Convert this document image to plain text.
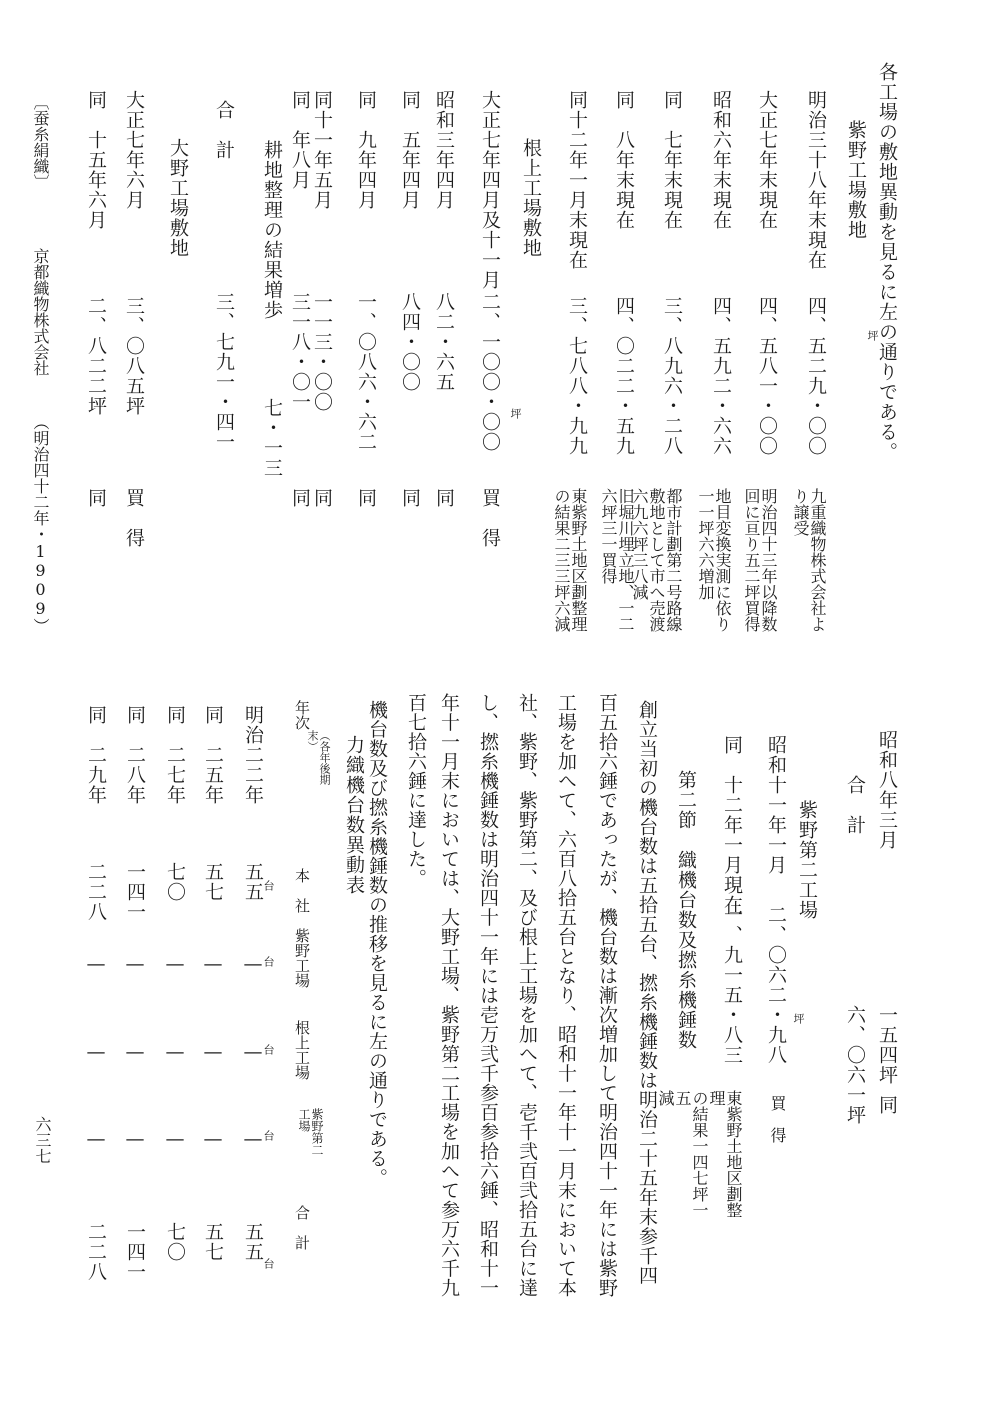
各工場の敷地異動を見るに左の通りである。
紫野工場敷地
坪
明治三十八年末現在
四、五二九・〇〇
九重織物株式会社よ
り譲受
大正七年末現在
四、五八一・〇〇
明治四十三年以降数
回に亘り五二坪買得
昭和六年末現在
四、五九二・六六
地目変換実測に依り
一一坪六六増加
同　七年末現在
三、八九六・二八
都市計劃第二号路線
敷地として市へ売渡
六九六坪三八減
同　八年末現在
四、〇二二・五九
旧堀川埋立地、一二
六坪三一買得
同十二年一月末現在
三、七八八・九九
東紫野土地区劃整理
の結果二三三坪六減
根上工場敷地
坪
大正七年四月及十一月
二、一〇〇・〇〇
買　得
昭和三年四月
八二・六五
同
同　五年四月
八四・〇〇
同
同　九年四月
一、〇八六・六二
同
同十一年五月
一一三・〇〇
同
同　年八月
三一八・〇一
同
耕地整理の結果増歩
七・一三
合　計
三、七九一・四一
大野工場敷地
大正七年六月
三、〇八五坪
買　得
同　十五年六月
二、八二二坪
同
昭和八年三月
一五四坪
同
合　計
六、〇六一坪
紫野第二工場
坪
昭和十一年一月
二、〇六二・九八
買　得
同　十二年一月現在
一、九一五・八三
東紫野土地区劃整理
の結果一四七坪一五
減
第二節　織機台数及撚糸機錘数
創立当初の機台数は五拾五台、撚糸機錘数は明治二十五年末参千四
百五拾六錘であったが、機台数は漸次増加して明治四十一年には紫野
工場を加へて、六百八拾五台となり、昭和十一年十一月末において本
社、紫野、紫野第二、及び根上工場を加へて、壱千弐百弐拾五台に達
し、撚糸機錘数は明治四十一年には壱万弐千参百参拾六錘、昭和十一
年十一月末においては、大野工場、紫野第二工場を加へて参万六千九
百七拾六錘に達した。
機台数及び撚糸機錘数の推移を見るに左の通りである。
力織機台数異動表
年次
（各年後期末）
本　社
紫野工場
根上工場
紫野第二工場
合　計
明治二二年
五五
—
—
—
五五
同　二五年
五七
—
—
—
五七
同　二七年
七〇
—
—
—
七〇
同　二八年
一四一
—
—
—
一四一
同　二九年
二二八
—
—
—
二二八
台
台
台
台
台
〔蚕糸絹織〕
京都織物株式会社
（明治四十二年・1909）
六三七
